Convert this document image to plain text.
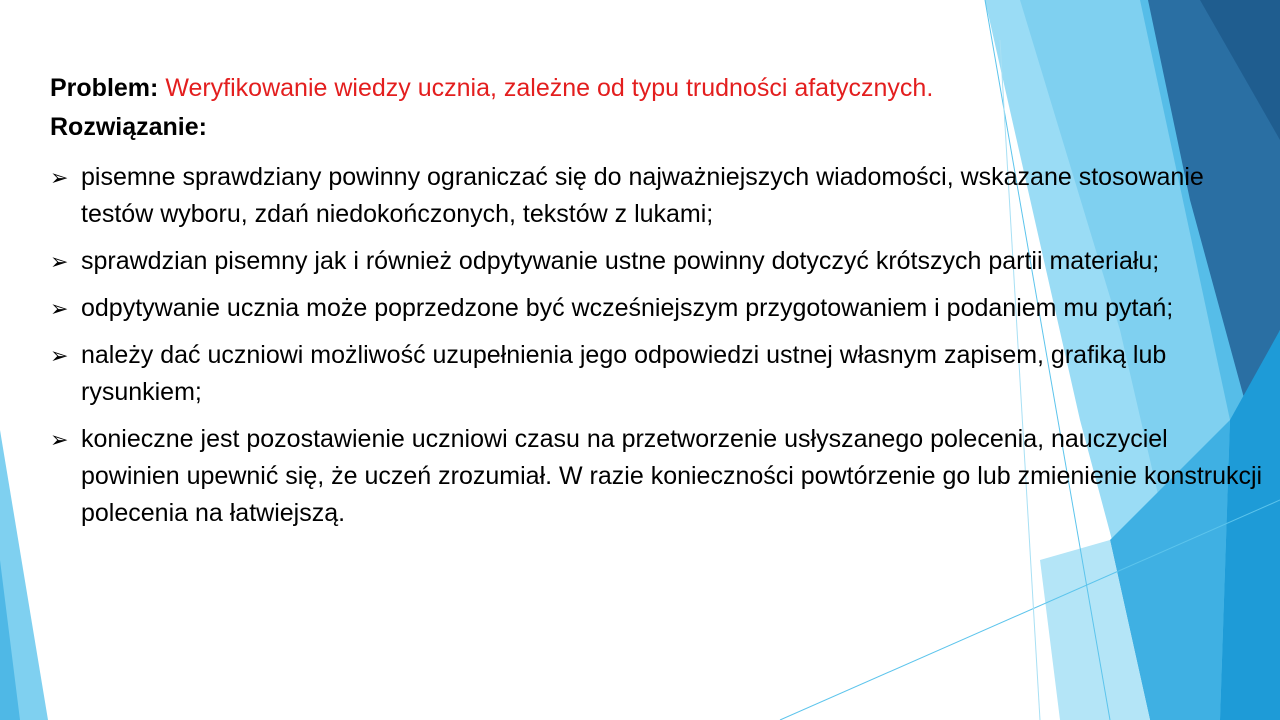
Problem: Weryfikowanie wiedzy ucznia, zależne od typu trudności afatycznych.
Rozwiązanie:
➢ pisemne sprawdziany powinny ograniczać się do najważniejszych wiadomości, wskazane stosowanie testów wyboru, zdań niedokończonych, tekstów z lukami;
➢ sprawdzian pisemny jak i również odpytywanie ustne powinny dotyczyć krótszych partii materiału;
➢ odpytywanie ucznia może poprzedzone być wcześniejszym przygotowaniem i podaniem mu pytań;
➢ należy dać uczniowi możliwość uzupełnienia jego odpowiedzi ustnej własnym zapisem, grafiką lub rysunkiem;
➢ konieczne jest pozostawienie uczniowi czasu na przetworzenie usłyszanego polecenia, nauczyciel powinien upewnić się, że uczeń zrozumiał. W razie konieczności powtórzenie go lub zmienienie konstrukcji polecenia na łatwiejszą.
